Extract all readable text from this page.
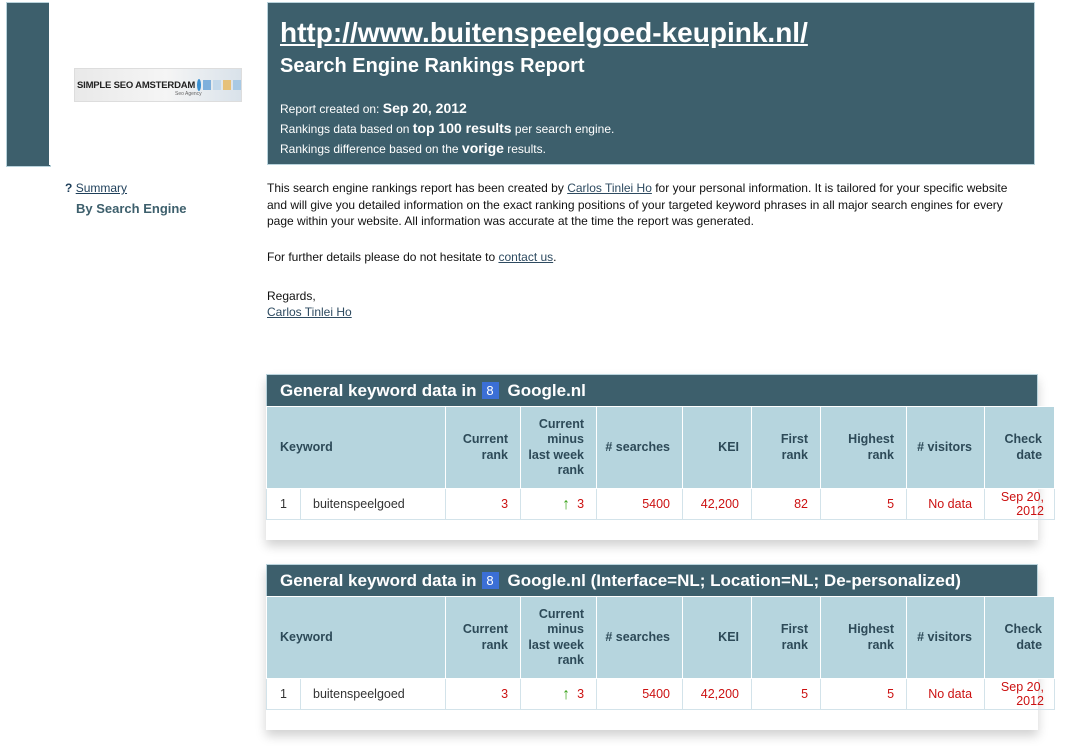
SIMPLE SEO AMSTERDAM
Seo Agency
http://www.buitenspeelgoed-keupink.nl/
Search Engine Rankings Report
Report created on: Sep 20, 2012
Rankings data based on top 100 results per search engine.
Rankings difference based on the vorige results.
? Summary
By Search Engine
This search engine rankings report has been created by Carlos Tinlei Ho for your personal information. It is tailored for your specific website and will give you detailed information on the exact ranking positions of your targeted keyword phrases in all major search engines for every page within your website. All information was accurate at the time the report was generated.
For further details please do not hesitate to contact us.
Regards,
Carlos Tinlei Ho
General keyword data in 8 Google.nl
Keyword		Current rank	Current minus last week rank	# searches	KEI	First rank	Highest rank	# visitors	Check date
1	buitenspeelgoed	3	↑ 3	5400	42,200	82	5	No data	Sep 20, 2012

General keyword data in 8 Google.nl (Interface=NL; Location=NL; De-personalized)
Keyword		Current rank	Current minus last week rank	# searches	KEI	First rank	Highest rank	# visitors	Check date
1	buitenspeelgoed	3	↑ 3	5400	42,200	5	5	No data	Sep 20, 2012
